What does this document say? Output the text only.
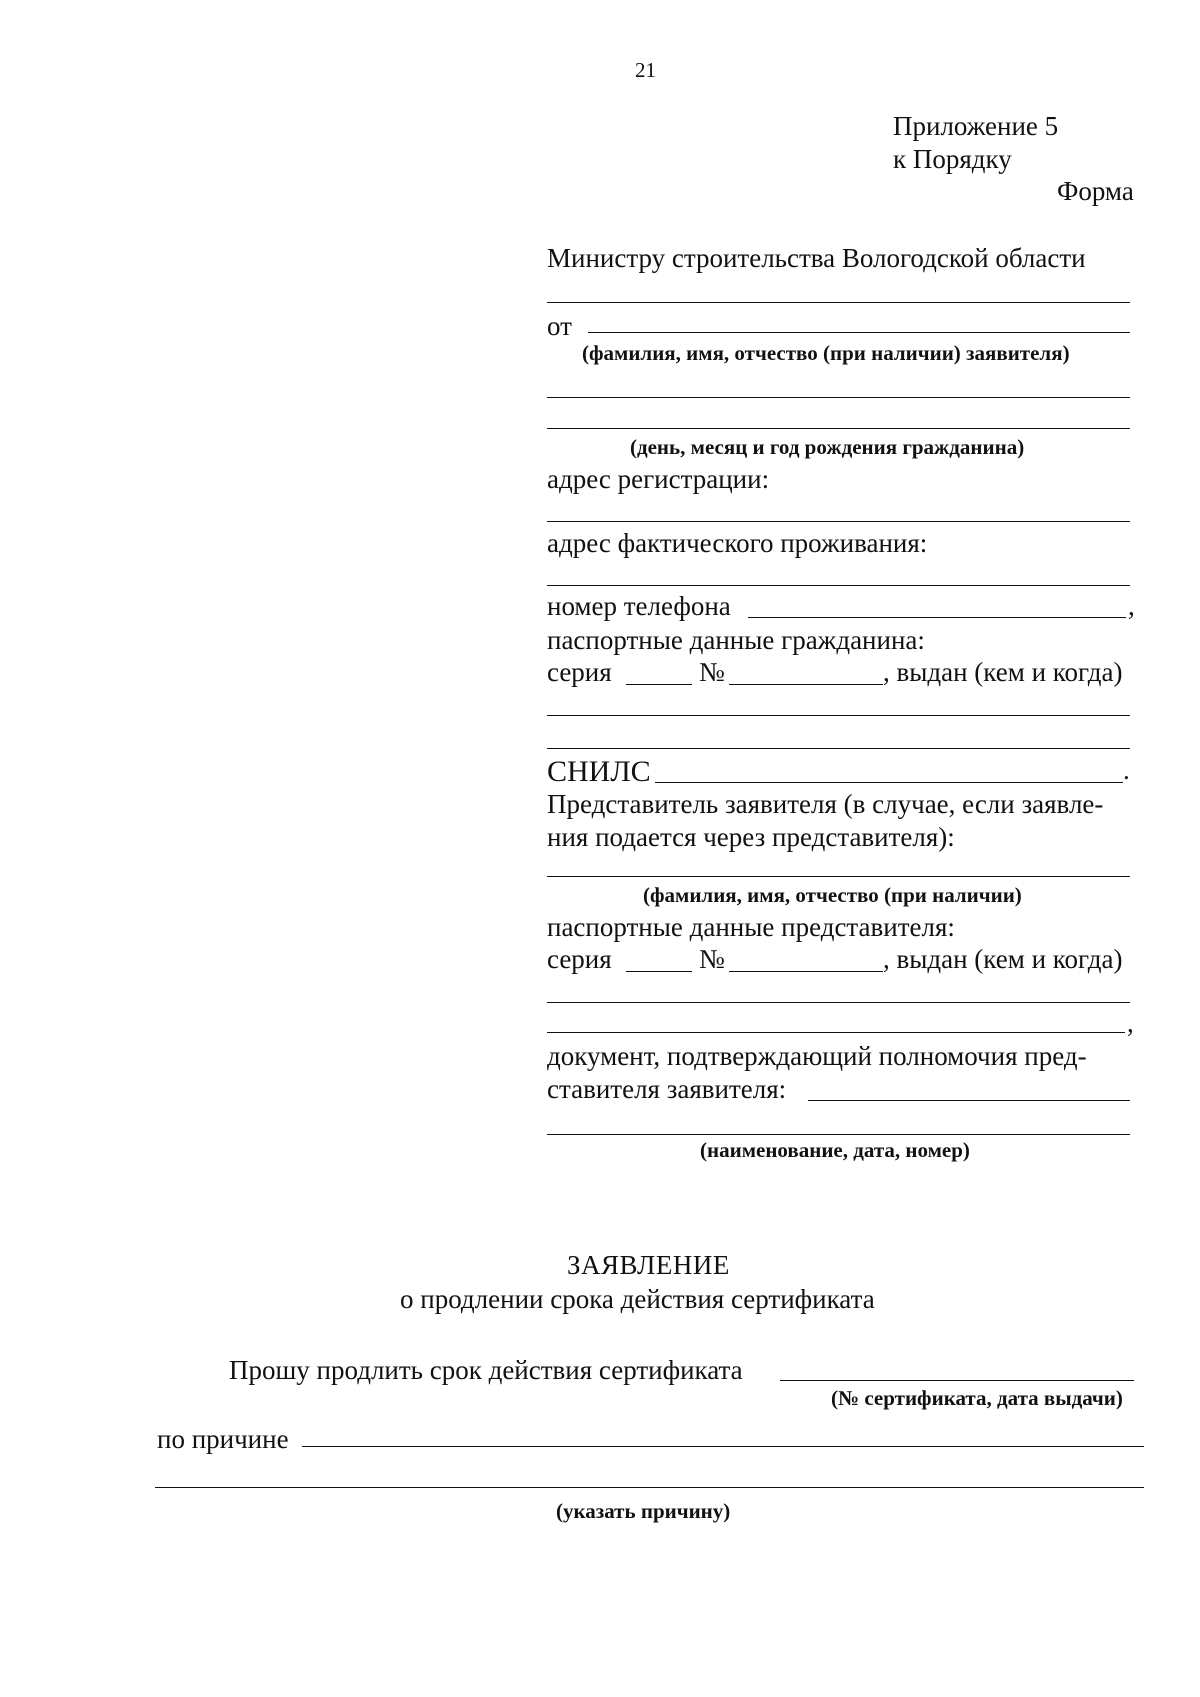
21
Приложение 5
к Порядку
Форма
Министру строительства Вологодской области
от
(фамилия, имя, отчество (при наличии) заявителя)
(день, месяц и год рождения гражданина)
адрес регистрации:
адрес фактического проживания:
номер телефона	,
паспортные данные гражданина:
серия	№	, выдан (кем и когда)
СНИЛС	.
Представитель заявителя (в случае, если заявле-
ния подается через представителя):
(фамилия, имя, отчество (при наличии)
паспортные данные представителя:
серия	№	, выдан (кем и когда)
,
документ, подтверждающий полномочия пред-
ставителя заявителя:
(наименование, дата, номер)
ЗАЯВЛЕНИЕ
о продлении срока действия сертификата
Прошу продлить срок действия сертификата
(№ сертификата, дата выдачи)
по причине
(указать причину)
